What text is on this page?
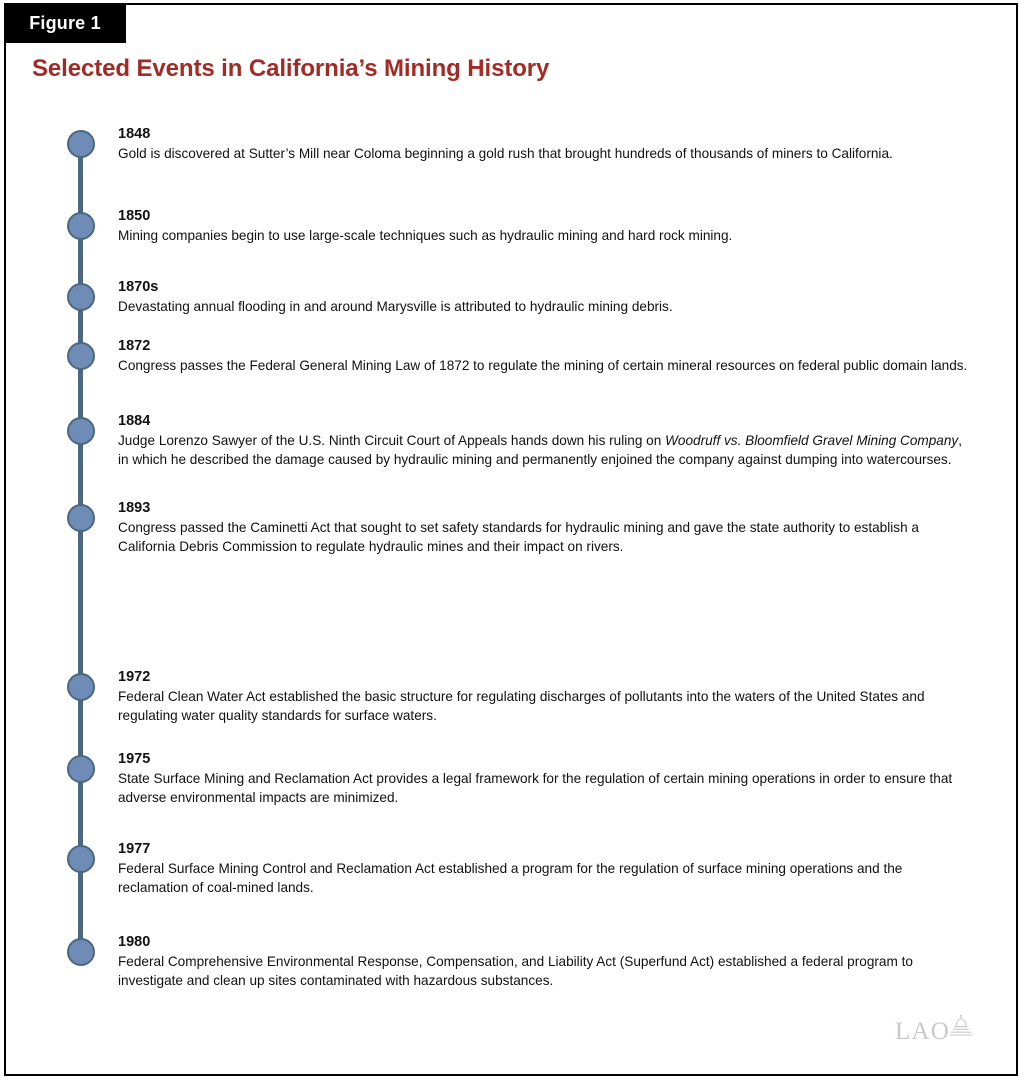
Figure 1
Selected Events in California’s Mining History
1848
Gold is discovered at Sutter’s Mill near Coloma beginning a gold rush that brought hundreds of thousands of miners to California.
1850
Mining companies begin to use large-scale techniques such as hydraulic mining and hard rock mining.
1870s
Devastating annual flooding in and around Marysville is attributed to hydraulic mining debris.
1872
Congress passes the Federal General Mining Law of 1872 to regulate the mining of certain mineral resources on federal public domain lands.
1884
Judge Lorenzo Sawyer of the U.S. Ninth Circuit Court of Appeals hands down his ruling on Woodruff vs. Bloomfield Gravel Mining Company, in which he described the damage caused by hydraulic mining and permanently enjoined the company against dumping into watercourses.
1893
Congress passed the Caminetti Act that sought to set safety standards for hydraulic mining and gave the state authority to establish a California Debris Commission to regulate hydraulic mines and their impact on rivers.
1972
Federal Clean Water Act established the basic structure for regulating discharges of pollutants into the waters of the United States and regulating water quality standards for surface waters.
1975
State Surface Mining and Reclamation Act provides a legal framework for the regulation of certain mining operations in order to ensure that adverse environmental impacts are minimized.
1977
Federal Surface Mining Control and Reclamation Act established a program for the regulation of surface mining operations and the reclamation of coal-mined lands.
1980
Federal Comprehensive Environmental Response, Compensation, and Liability Act (Superfund Act) established a federal program to investigate and clean up sites contaminated with hazardous substances.
LAO
